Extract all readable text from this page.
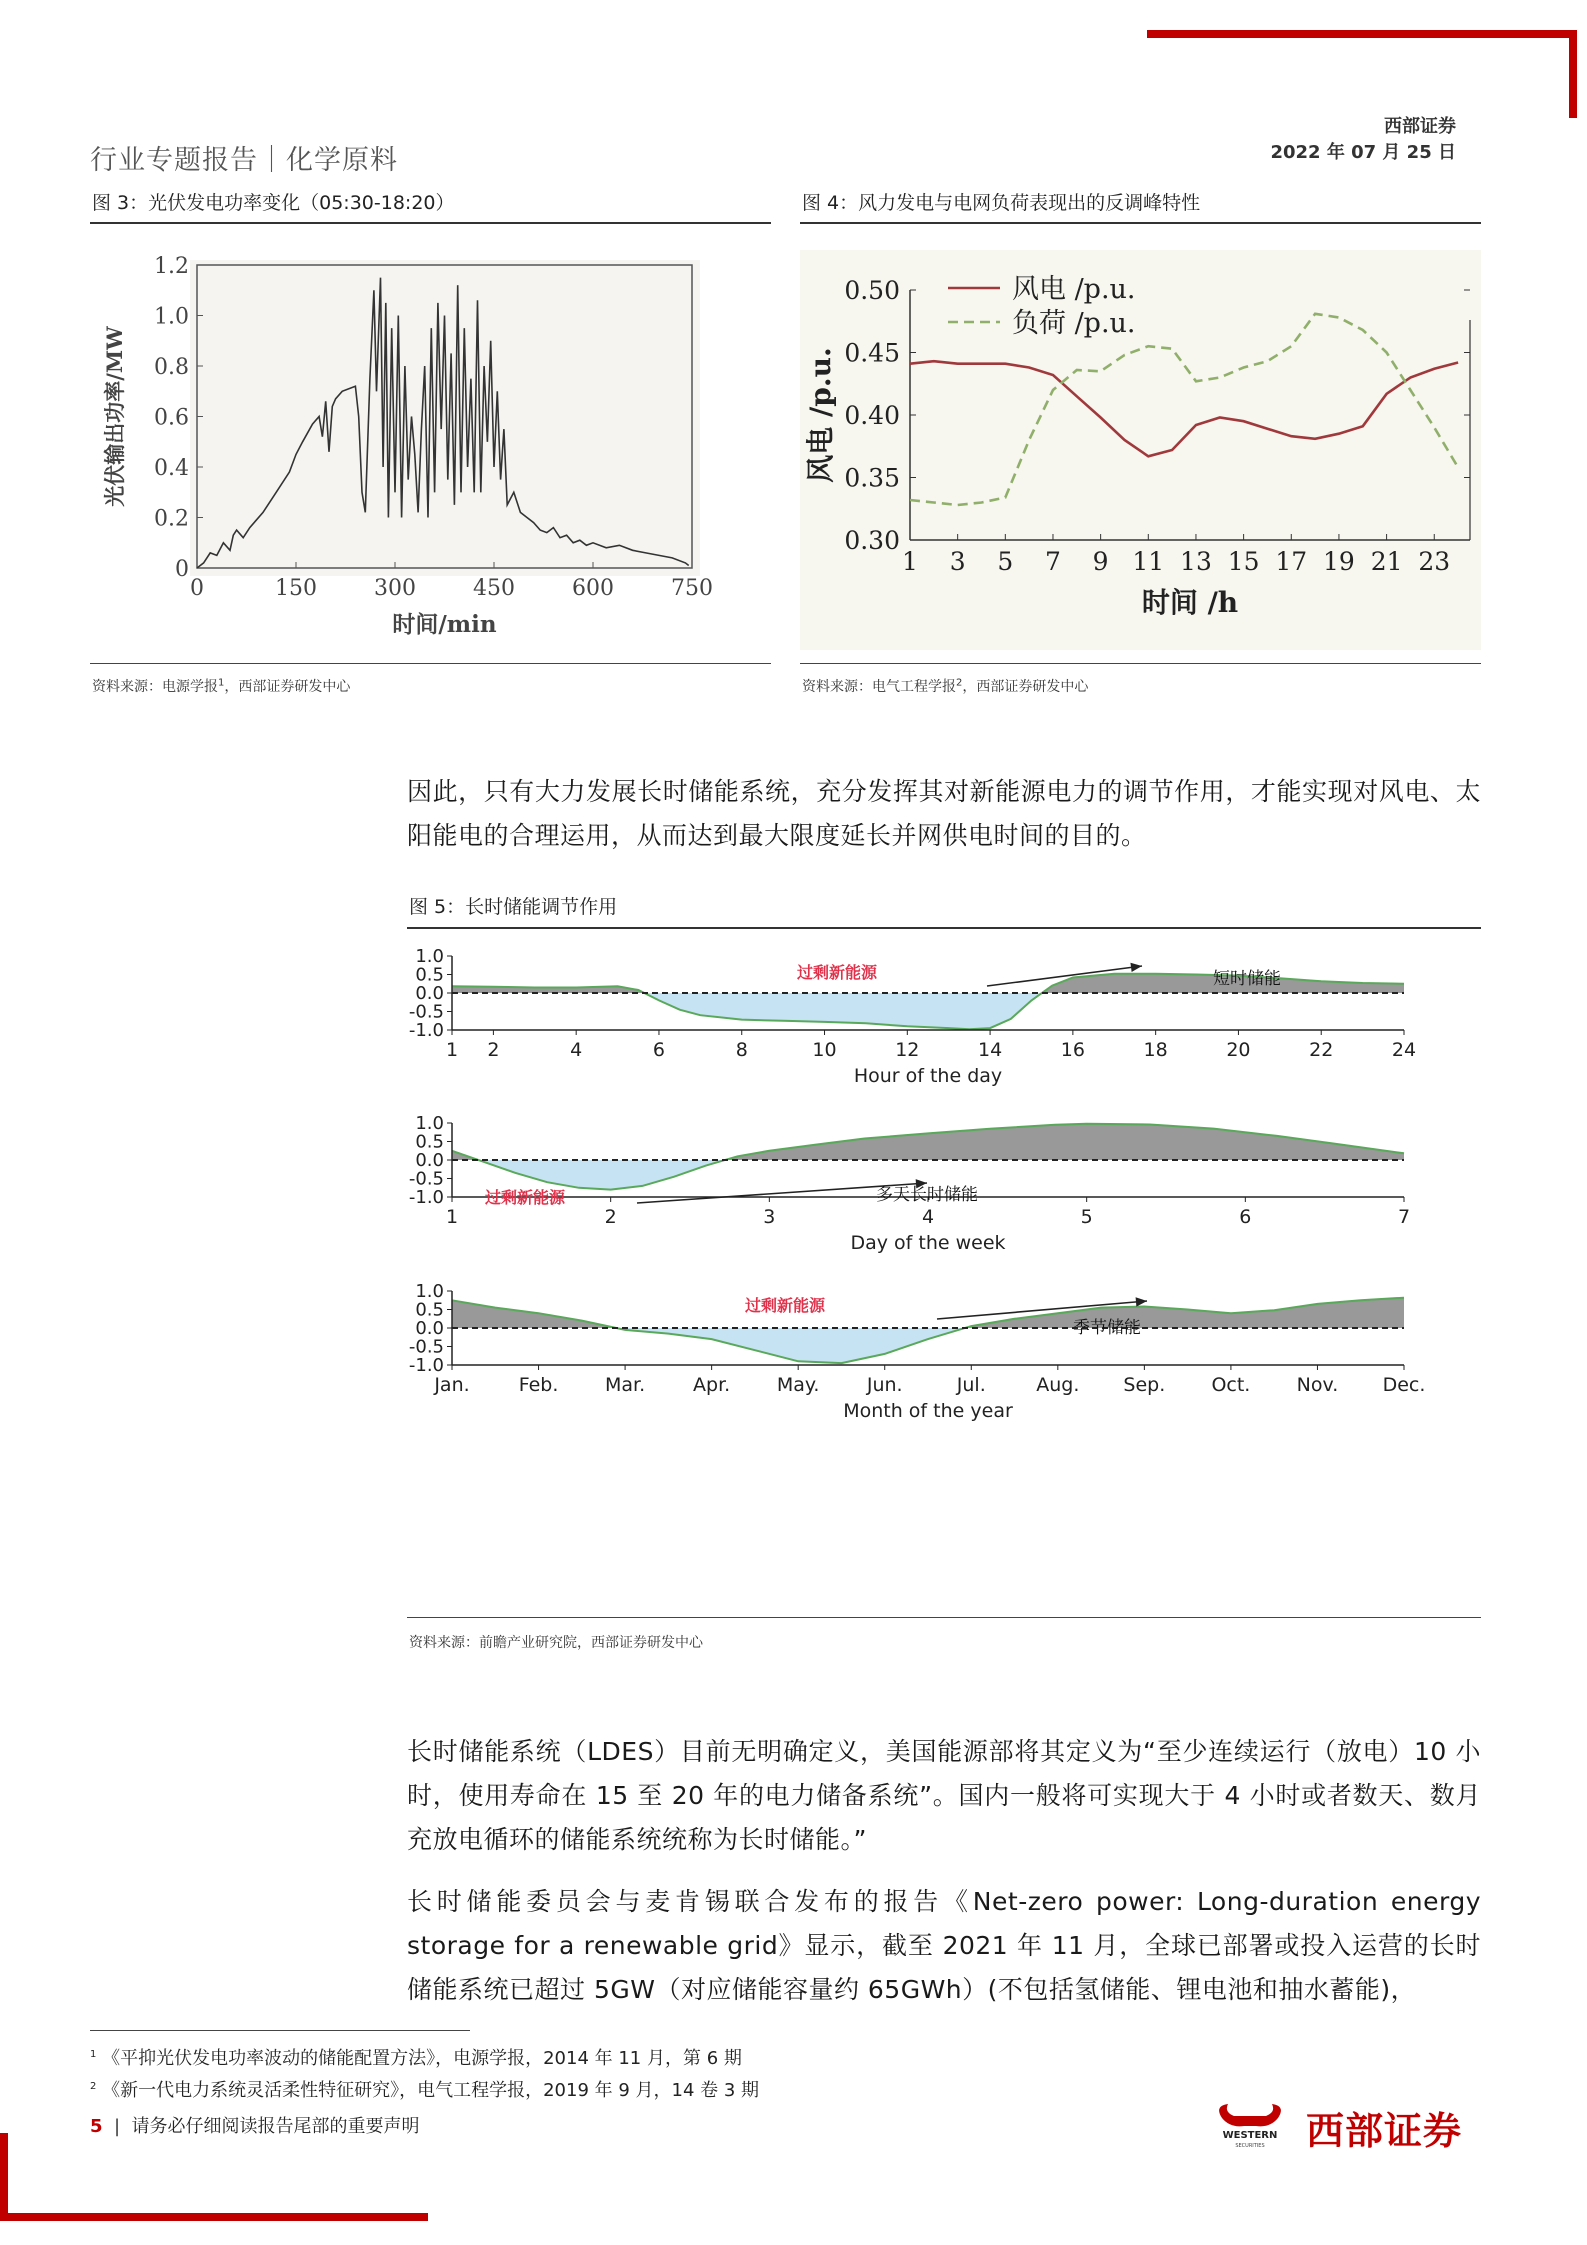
行业专题报告｜化学原料
西部证券
2022 年 07 月 25 日
图 3：光伏发电功率变化（05:30-18:20）
0	150	300	450	600	750
0
0.2
0.4
0.6
0.8
1.0
1.2
时间/min
光伏输出功率/MW
资料来源：电源学报$^1$，西部证券研发中心
图 4：风力发电与电网负荷表现出的反调峰特性
0.30
0.35
0.40
0.45
0.50
1 3 5 7 9 11 13 15 17 19 21 23
风电 /p.u.
负荷 /p.u.
时间 /h
风电 /p.u.
资料来源：电气工程学报$^2$，西部证券研发中心
因此，只有大力发展长时储能系统，充分发挥其对新能源电力的调节作用，才能实现对风电、太阳能电的合理运用，从而达到最大限度延长并网供电时间的目的。
图 5：长时储能调节作用
1.0
0.5
0.0
-0.5
-1.0
1 2	4	6	8	10	12	14	16	18	20	22	24
Hour of the day
过剩新能源	短时储能
1.0
0.5
0.0
-0.5
-1.0
1	2	3	4	5	6	7
Day of the week
过剩新能源	多天长时储能
1.0
0.5
0.0
-0.5
-1.0
Jan.	Feb. Mar.	Apr. May. Jun.	Jul.	Aug. Sep. Oct. Nov. Dec.
Month of the year
过剩新能源
季节储能
资料来源：前瞻产业研究院，西部证券研发中心
长时储能系统（LDES）目前无明确定义，美国能源部将其定义为“至少连续运行（放电）10 小时，使用寿命在 15 至 20 年的电力储备系统”。国内一般将可实现大于 4 小时或者数天、数月充放电循环的储能系统统称为长时储能。”
长时储能委员会与麦肯锡联合发布的报告《Net-zero power: Long-duration energy storage for a renewable grid》显示，截至 2021 年 11 月，全球已部署或投入运营的长时储能系统已超过 5GW（对应储能容量约 65GWh）(不包括氢储能、锂电池和抽水蓄能)，
$^1$ 《平抑光伏发电功率波动的储能配置方法》，电源学报，2014 年 11 月，第 6 期
$^2$ 《新一代电力系统灵活柔性特征研究》，电气工程学报，2019 年 9 月，14 卷 3 期
5  |  请务必仔细阅读报告尾部的重要声明	WESTERN
SECURITIES 西部证券
